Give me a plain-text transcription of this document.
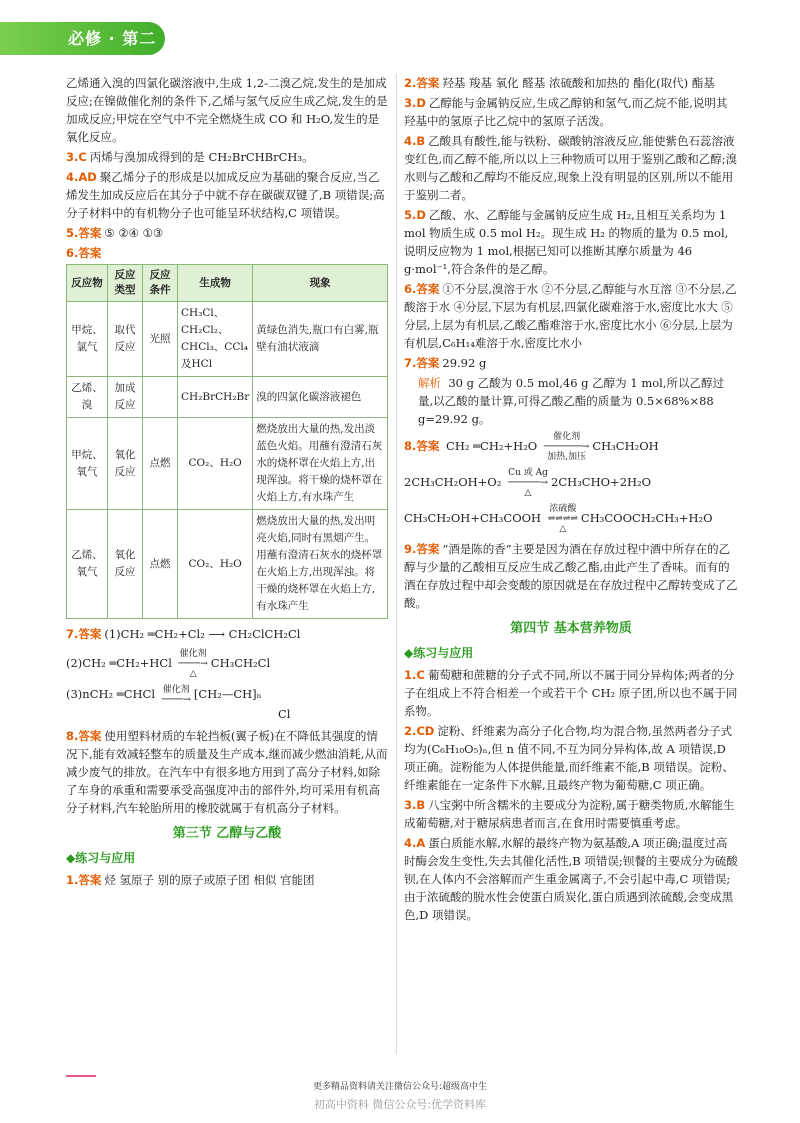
必修 · 第二册

乙烯通入溴的四氯化碳溶液中,生成 1,2-二溴乙烷,发生的是加成反应;在镍做催化剂的条件下,乙烯与氢气反应生成乙烷,发生的是加成反应;甲烷在空气中不完全燃烧生成 CO 和 H₂O,发生的是氧化反应。

3.C 丙烯与溴加成得到的是 CH₂BrCHBrCH₃。

4.AD 聚乙烯分子的形成是以加成反应为基础的聚合反应,当乙烯发生加成反应后在其分子中就不存在碳碳双键了,B 项错误;高分子材料中的有机物分子也可能呈环状结构,C 项错误。

5.答案 ⑤ ②④ ①③

6.答案

反应物	反应类型	反应条件	生成物	现象
甲烷、氯气	取代反应	光照	CH₃Cl、CH₂Cl₂、CHCl₃、CCl₄及HCl	黄绿色消失,瓶口有白雾,瓶壁有油状液滴
乙烯、溴	加成反应		CH₂BrCH₂Br	溴的四氯化碳溶液褪色
甲烷、氧气	氧化反应	点燃	CO₂、H₂O	燃烧放出大量的热,发出淡蓝色火焰。用蘸有澄清石灰水的烧杯罩在火焰上方,出现浑浊。将干燥的烧杯罩在火焰上方,有水珠产生
乙烯、氧气	氧化反应	点燃	CO₂、H₂O	燃烧放出大量的热,发出明亮火焰,同时有黑烟产生。用蘸有澄清石灰水的烧杯罩在火焰上方,出现浑浊。将干燥的烧杯罩在火焰上方,有水珠产生

7.答案 (1)CH₂ ═CH₂+Cl₂ ⟶ CH₂ClCH₂Cl

(2)CH₂ ═CH₂+HCl 催化剂
────→
△CH₃CH₂Cl

(3)nCH₂ ═CHCl 催化剂
────→[CH₂—CH]ₙ

Cl

8.答案 使用塑料材质的车轮挡板(翼子板)在不降低其强度的情况下,能有效减轻整车的质量及生产成本,继而减少燃油消耗,从而减少废气的排放。在汽车中有很多地方用到了高分子材料,如除了车身的承重和需要承受高强度冲击的部件外,均可采用有机高分子材料,汽车轮胎所用的橡胶就属于有机高分子材料。

第三节 乙醇与乙酸
◆练习与应用

1.答案 烃 氢原子 别的原子或原子团 相似 官能团

2.答案 羟基 羧基 氧化 醛基 浓硫酸和加热的 酯化(取代) 酯基

3.D 乙醇能与金属钠反应,生成乙醇钠和氢气,而乙烷不能,说明其羟基中的氢原子比乙烷中的氢原子活泼。

4.B 乙酸具有酸性,能与铁粉、碳酸钠溶液反应,能使紫色石蕊溶液变红色,而乙醇不能,所以以上三种物质可以用于鉴别乙酸和乙醇;溴水则与乙酸和乙醇均不能反应,现象上没有明显的区别,所以不能用于鉴别二者。

5.D 乙酸、水、乙醇能与金属钠反应生成 H₂,且相互关系均为 1 mol 物质生成 0.5 mol H₂。现生成 H₂ 的物质的量为 0.5 mol,说明反应物为 1 mol,根据已知可以推断其摩尔质量为 46 g·mol⁻¹,符合条件的是乙醇。

6.答案 ①不分层,溴溶于水 ②不分层,乙醇能与水互溶 ③不分层,乙酸溶于水 ④分层,下层为有机层,四氯化碳难溶于水,密度比水大 ⑤分层,上层为有机层,乙酸乙酯难溶于水,密度比水小 ⑥分层,上层为有机层,C₆H₁₄难溶于水,密度比水小

7.答案 29.92 g

解析 30 g 乙酸为 0.5 mol,46 g 乙醇为 1 mol,所以乙醇过量,以乙酸的量计算,可得乙酸乙酯的质量为 0.5×68%×88 g=29.92 g。

8.答案 CH₂ ═CH₂+H₂O 催化剂
───────→
加热,加压CH₃CH₂OH

2CH₃CH₂OH+O₂ Cu 或 Ag
──────→
△2CH₃CHO+2H₂O

CH₃CH₂OH+CH₃COOH 浓硫酸
⇌⇌⇌⇌
△CH₃COOCH₂CH₃+H₂O

9.答案 “酒是陈的香”主要是因为酒在存放过程中酒中所存在的乙醇与少量的乙酸相互反应生成乙酸乙酯,由此产生了香味。而有的酒在存放过程中却会变酸的原因就是在存放过程中乙醇转变成了乙酸。

第四节 基本营养物质
◆练习与应用

1.C 葡萄糖和蔗糖的分子式不同,所以不属于同分异构体;两者的分子在组成上不符合相差一个或若干个 CH₂ 原子团,所以也不属于同系物。

2.CD 淀粉、纤维素为高分子化合物,均为混合物,虽然两者分子式均为(C₆H₁₀O₅)ₙ,但 n 值不同,不互为同分异构体,故 A 项错误,D 项正确。淀粉能为人体提供能量,而纤维素不能,B 项错误。淀粉、纤维素能在一定条件下水解,且最终产物为葡萄糖,C 项正确。

3.B 八宝粥中所含糯米的主要成分为淀粉,属于糖类物质,水解能生成葡萄糖,对于糖尿病患者而言,在食用时需要慎重考虑。

4.A 蛋白质能水解,水解的最终产物为氨基酸,A 项正确;温度过高时酶会发生变性,失去其催化活性,B 项错误;钡餐的主要成分为硫酸钡,在人体内不会溶解而产生重金属离子,不会引起中毒,C 项错误;由于浓硫酸的脱水性会使蛋白质炭化,蛋白质遇到浓硫酸,会变成黑色,D 项错误。

更多精品资料请关注微信公众号:超级高中生
初高中资料 微信公众号:优学资料库
